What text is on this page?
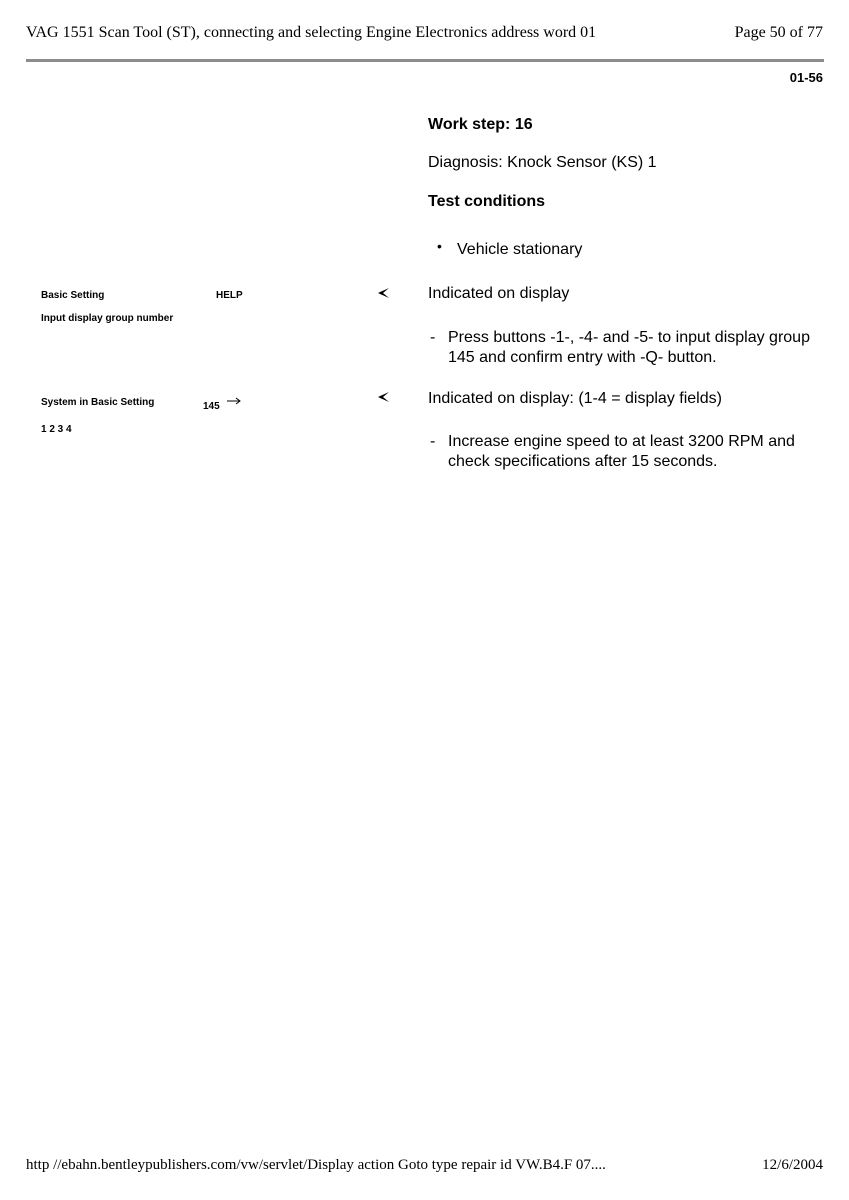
VAG 1551 Scan Tool (ST), connecting and selecting Engine Electronics address word 01	Page 50 of 77
01-56
Work step: 16
Diagnosis: Knock Sensor (KS) 1
Test conditions
• Vehicle stationary
Basic Setting	HELP
Input display group number
Indicated on display
- Press buttons -1-, -4- and -5- to input display group 145 and confirm entry with -Q- button.
System in Basic Setting	145
1 2 3 4
Indicated on display: (1-4 = display fields)
- Increase engine speed to at least 3200 RPM and check specifications after 15 seconds.
http //ebahn.bentleypublishers.com/vw/servlet/Display action Goto type repair id VW.B4.F 07....	12/6/2004
